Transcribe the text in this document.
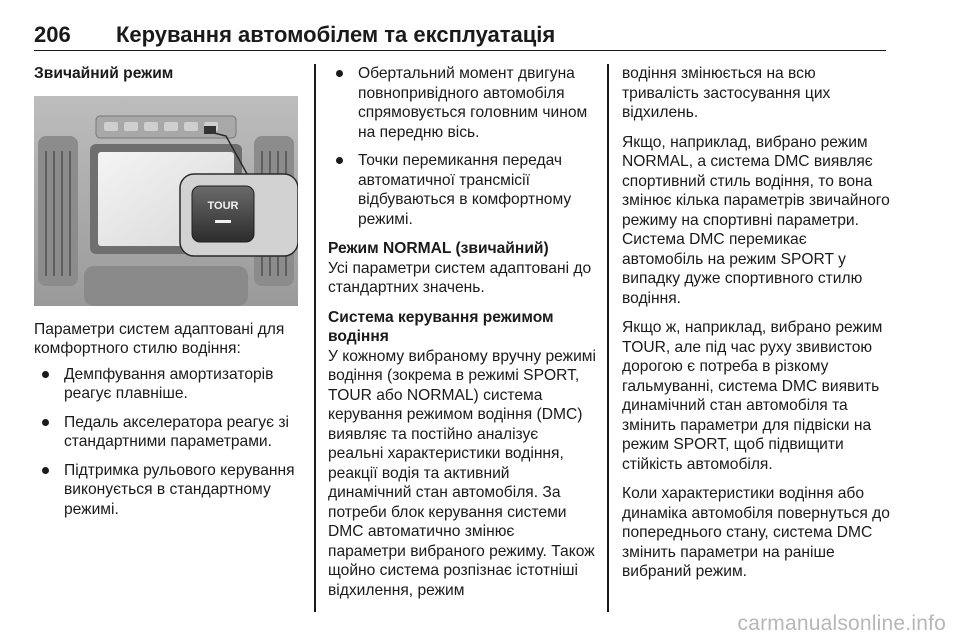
206 Керування автомобілем та експлуатація

Звичайний режим

TOUR

Параметри систем адаптовані для комфортного стилю водіння:

Демпфування амортизаторів реагує плавніше.
Педаль акселератора реагує зі стандартними параметрами.
Підтримка рульового керування виконується в стандартному режимі.
Обертальний момент двигуна повнопривідного автомобіля спрямовується головним чином на передню вісь.
Точки перемикання передач автоматичної трансмісії відбуваються в комфортному режимі.

Режим NORMAL (звичайний)

Усі параметри систем адаптовані до стандартних значень.

Система керування режимом водіння

У кожному вибраному вручну режимі водіння (зокрема в режимі SPORT, TOUR або NORMAL) система керування режимом водіння (DMC) виявляє та постійно аналізує реальні характеристики водіння, реакції водія та активний динамічний стан автомобіля. За потреби блок керування системи DMC автоматично змінює параметри вибраного режиму. Також щойно система розпізнає істотніші відхилення, режим

водіння змінюється на всю тривалість застосування цих відхилень.

Якщо, наприклад, вибрано режим NORMAL, а система DMC виявляє спортивний стиль водіння, то вона змінює кілька параметрів звичайного режиму на спортивні параметри. Система DMC перемикає автомобіль на режим SPORT у випадку дуже спортивного стилю водіння.

Якщо ж, наприклад, вибрано режим TOUR, але під час руху звивистою дорогою є потреба в різкому гальмуванні, система DMC виявить динамічний стан автомобіля та змінить параметри для підвіски на режим SPORT, щоб підвищити стійкість автомобіля.

Коли характеристики водіння або динаміка автомобіля повернуться до попереднього стану, система DMC змінить параметри на раніше вибраний режим.

carmanualsonline.info
